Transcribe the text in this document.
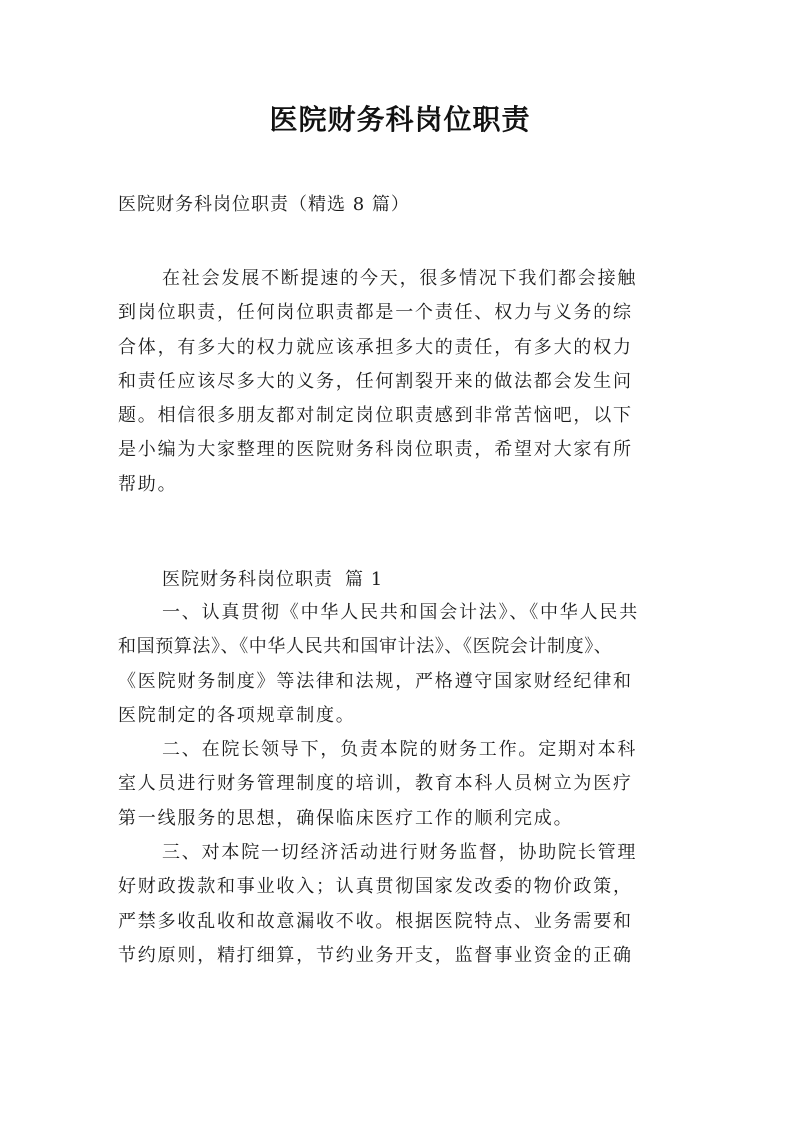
医院财务科岗位职责
医院财务科岗位职责（精选 8 篇）
在社会发展不断提速的今天，很多情况下我们都会接触
到岗位职责，任何岗位职责都是一个责任、权力与义务的综
合体，有多大的权力就应该承担多大的责任，有多大的权力
和责任应该尽多大的义务，任何割裂开来的做法都会发生问
题。相信很多朋友都对制定岗位职责感到非常苦恼吧，以下
是小编为大家整理的医院财务科岗位职责，希望对大家有所
帮助。
医院财务科岗位职责 篇 1
一、认真贯彻《中华人民共和国会计法》、《中华人民共
和国预算法》、《中华人民共和国审计法》、《医院会计制度》、
《医院财务制度》等法律和法规，严格遵守国家财经纪律和
医院制定的各项规章制度。
二、在院长领导下，负责本院的财务工作。定期对本科
室人员进行财务管理制度的培训，教育本科人员树立为医疗
第一线服务的思想，确保临床医疗工作的顺利完成。
三、对本院一切经济活动进行财务监督，协助院长管理
好财政拨款和事业收入；认真贯彻国家发改委的物价政策，
严禁多收乱收和故意漏收不收。根据医院特点、业务需要和
节约原则，精打细算，节约业务开支，监督事业资金的正确
